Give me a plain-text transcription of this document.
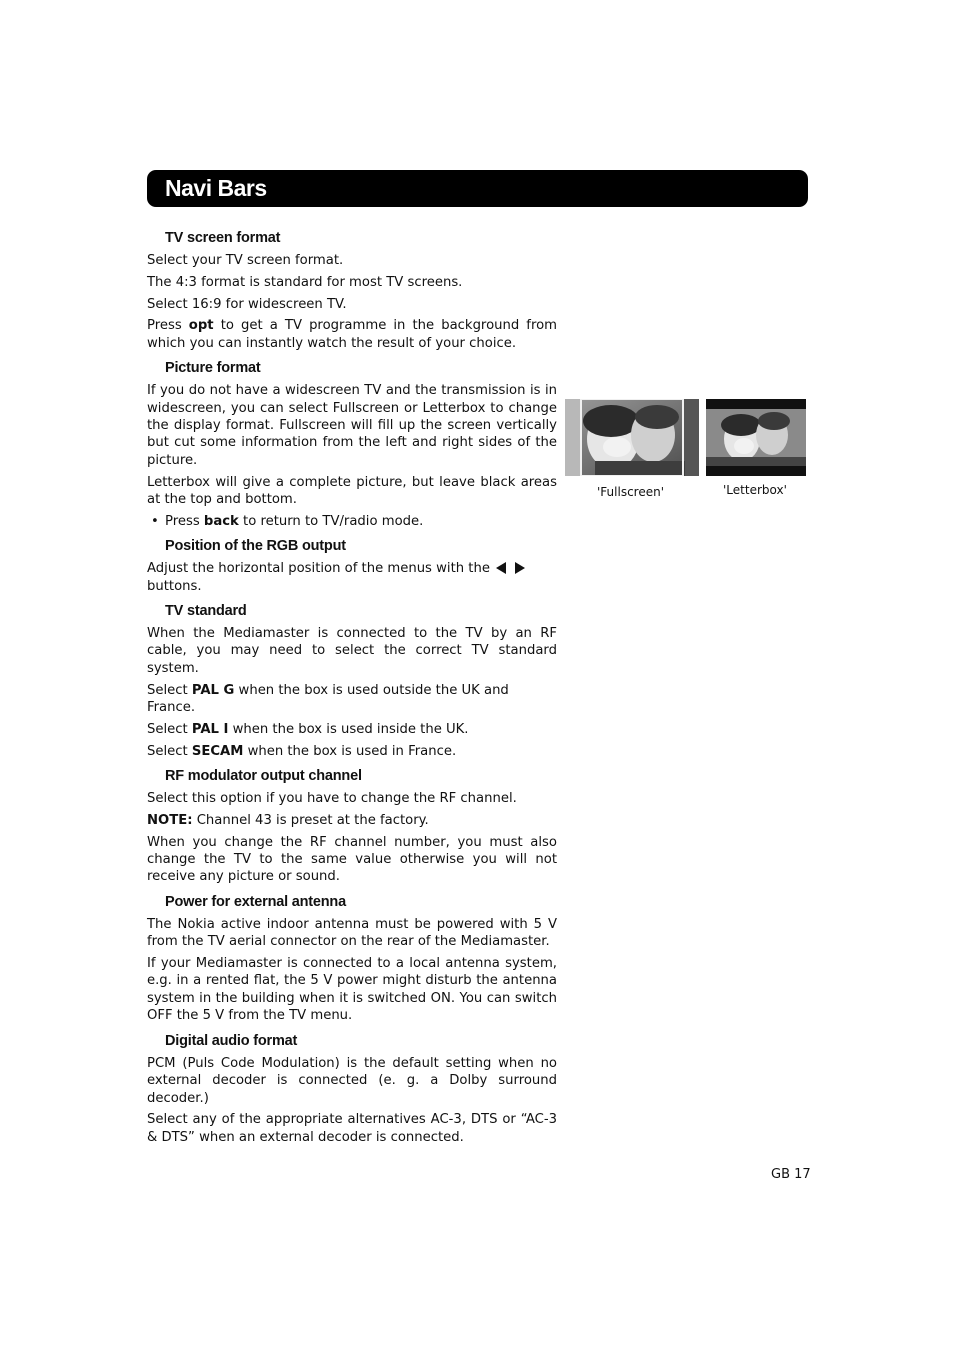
Navi Bars
TV screen format

Select your TV screen format.

The 4:3 format is standard for most TV screens.

Select 16:9 for widescreen TV.

Press opt to get a TV programme in the background from which you can instantly watch the result of your choice.

Picture format

If you do not have a widescreen TV and the transmission is in widescreen, you can select Fullscreen or Letterbox to change the display format. Fullscreen will fill up the screen vertically but cut some information from the left and right sides of the picture.

Letterbox will give a complete picture, but leave black areas at the top and bottom.

• Press back to return to TV/radio mode.
Position of the RGB output

Adjust the horizontal position of the menus with the  buttons.

TV standard

When the Mediamaster is connected to the TV by an RF cable, you may need to select the correct TV standard system.

Select PAL G when the box is used outside the UK and France.

Select PAL I when the box is used inside the UK.

Select SECAM when the box is used in France.

RF modulator output channel

Select this option if you have to change the RF channel.

NOTE: Channel 43 is preset at the factory.

When you change the RF channel number, you must also change the TV to the same value otherwise you will not receive any picture or sound.

Power for external antenna

The Nokia active indoor antenna must be powered with 5 V from the TV aerial connector on the rear of the Mediamaster.

If your Mediamaster is connected to a local antenna system, e.g. in a rented flat, the 5 V power might disturb the antenna system in the building when it is switched ON. You can switch OFF the 5 V from the TV menu.

Digital audio format

PCM (Puls Code Modulation) is the default setting when no external decoder is connected (e. g. a Dolby surround decoder.)

Select any of the appropriate alternatives AC-3, DTS or “AC-3 & DTS” when an external decoder is connected.

'Fullscreen'	'Letterbox'
GB 17
